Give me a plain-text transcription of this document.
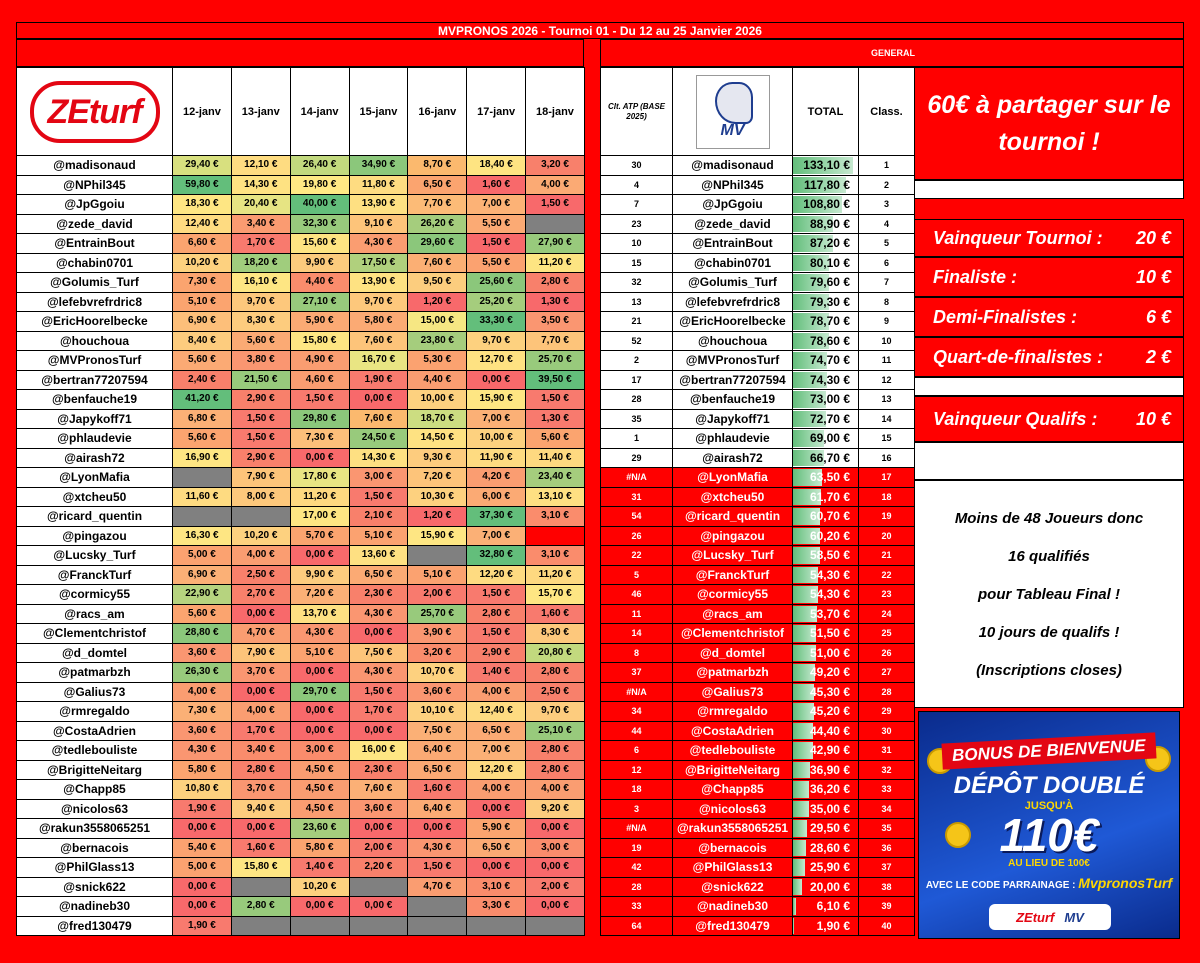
MVPRONOS 2026 - Tournoi 01 - Du 12 au 25 Janvier 2026
GENERAL
ZEturf	12-janv	13-janv	14-janv	15-janv	16-janv	17-janv	18-janv
@madisonaud	29,40 €	12,10 €	26,40 €	34,90 €	8,70 €	18,40 €	3,20 €
@NPhil345	59,80 €	14,30 €	19,80 €	11,80 €	6,50 €	1,60 €	4,00 €
@JpGgoiu	18,30 €	20,40 €	40,00 €	13,90 €	7,70 €	7,00 €	1,50 €
@zede_david	12,40 €	3,40 €	32,30 €	9,10 €	26,20 €	5,50 €	
@EntrainBout	6,60 €	1,70 €	15,60 €	4,30 €	29,60 €	1,50 €	27,90 €
@chabin0701	10,20 €	18,20 €	9,90 €	17,50 €	7,60 €	5,50 €	11,20 €
@Golumis_Turf	7,30 €	16,10 €	4,40 €	13,90 €	9,50 €	25,60 €	2,80 €
@lefebvrefrdric8	5,10 €	9,70 €	27,10 €	9,70 €	1,20 €	25,20 €	1,30 €
@EricHoorelbecke	6,90 €	8,30 €	5,90 €	5,80 €	15,00 €	33,30 €	3,50 €
@houchoua	8,40 €	5,60 €	15,80 €	7,60 €	23,80 €	9,70 €	7,70 €
@MVPronosTurf	5,60 €	3,80 €	4,90 €	16,70 €	5,30 €	12,70 €	25,70 €
@bertran77207594	2,40 €	21,50 €	4,60 €	1,90 €	4,40 €	0,00 €	39,50 €
@benfauche19	41,20 €	2,90 €	1,50 €	0,00 €	10,00 €	15,90 €	1,50 €
@Japykoff71	6,80 €	1,50 €	29,80 €	7,60 €	18,70 €	7,00 €	1,30 €
@phlaudevie	5,60 €	1,50 €	7,30 €	24,50 €	14,50 €	10,00 €	5,60 €
@airash72	16,90 €	2,90 €	0,00 €	14,30 €	9,30 €	11,90 €	11,40 €
@LyonMafia		7,90 €	17,80 €	3,00 €	7,20 €	4,20 €	23,40 €
@xtcheu50	11,60 €	8,00 €	11,20 €	1,50 €	10,30 €	6,00 €	13,10 €
@ricard_quentin			17,00 €	2,10 €	1,20 €	37,30 €	3,10 €
@pingazou	16,30 €	10,20 €	5,70 €	5,10 €	15,90 €	7,00 €	
@Lucsky_Turf	5,00 €	4,00 €	0,00 €	13,60 €		32,80 €	3,10 €
@FranckTurf	6,90 €	2,50 €	9,90 €	6,50 €	5,10 €	12,20 €	11,20 €
@cormicy55	22,90 €	2,70 €	7,20 €	2,30 €	2,00 €	1,50 €	15,70 €
@racs_am	5,60 €	0,00 €	13,70 €	4,30 €	25,70 €	2,80 €	1,60 €
@Clementchristof	28,80 €	4,70 €	4,30 €	0,00 €	3,90 €	1,50 €	8,30 €
@d_domtel	3,60 €	7,90 €	5,10 €	7,50 €	3,20 €	2,90 €	20,80 €
@patmarbzh	26,30 €	3,70 €	0,00 €	4,30 €	10,70 €	1,40 €	2,80 €
@Galius73	4,00 €	0,00 €	29,70 €	1,50 €	3,60 €	4,00 €	2,50 €
@rmregaldo	7,30 €	4,00 €	0,00 €	1,70 €	10,10 €	12,40 €	9,70 €
@CostaAdrien	3,60 €	1,70 €	0,00 €	0,00 €	7,50 €	6,50 €	25,10 €
@tedlebouliste	4,30 €	3,40 €	3,00 €	16,00 €	6,40 €	7,00 €	2,80 €
@BrigitteNeitarg	5,80 €	2,80 €	4,50 €	2,30 €	6,50 €	12,20 €	2,80 €
@Chapp85	10,80 €	3,70 €	4,50 €	7,60 €	1,60 €	4,00 €	4,00 €
@nicolos63	1,90 €	9,40 €	4,50 €	3,60 €	6,40 €	0,00 €	9,20 €
@rakun3558065251	0,00 €	0,00 €	23,60 €	0,00 €	0,00 €	5,90 €	0,00 €
@bernacois	5,40 €	1,60 €	5,80 €	2,00 €	4,30 €	6,50 €	3,00 €
@PhilGlass13	5,00 €	15,80 €	1,40 €	2,20 €	1,50 €	0,00 €	0,00 €
@snick622	0,00 €		10,20 €		4,70 €	3,10 €	2,00 €
@nadineb30	0,00 €	2,80 €	0,00 €	0,00 €		3,30 €	0,00 €
@fred130479	1,90 €						
Clt. ATP (BASE 2025)	MV	TOTAL	Class.
30	@madisonaud	133,10 €	1
4	@NPhil345	117,80 €	2
7	@JpGgoiu	108,80 €	3
23	@zede_david	88,90 €	4
10	@EntrainBout	87,20 €	5
15	@chabin0701	80,10 €	6
32	@Golumis_Turf	79,60 €	7
13	@lefebvrefrdric8	79,30 €	8
21	@EricHoorelbecke	78,70 €	9
52	@houchoua	78,60 €	10
2	@MVPronosTurf	74,70 €	11
17	@bertran77207594	74,30 €	12
28	@benfauche19	73,00 €	13
35	@Japykoff71	72,70 €	14
1	@phlaudevie	69,00 €	15
29	@airash72	66,70 €	16
#N/A	@LyonMafia	63,50 €	17
31	@xtcheu50	61,70 €	18
54	@ricard_quentin	60,70 €	19
26	@pingazou	60,20 €	20
22	@Lucsky_Turf	58,50 €	21
5	@FranckTurf	54,30 €	22
46	@cormicy55	54,30 €	23
11	@racs_am	53,70 €	24
14	@Clementchristof	51,50 €	25
8	@d_domtel	51,00 €	26
37	@patmarbzh	49,20 €	27
#N/A	@Galius73	45,30 €	28
34	@rmregaldo	45,20 €	29
44	@CostaAdrien	44,40 €	30
6	@tedlebouliste	42,90 €	31
12	@BrigitteNeitarg	36,90 €	32
18	@Chapp85	36,20 €	33
3	@nicolos63	35,00 €	34
#N/A	@rakun3558065251	29,50 €	35
19	@bernacois	28,60 €	36
42	@PhilGlass13	25,90 €	37
28	@snick622	20,00 €	38
33	@nadineb30	6,10 €	39
64	@fred130479	1,90 €	40
60€ à partager sur le tournoi !
Vainqueur Tournoi : 20 €
Finaliste :	10 €
Demi-Finalistes :	6 €
Quart-de-finalistes : 2 €
Vainqueur Qualifs : 10 €
Moins de 48 Joueurs donc
16 qualifiés
pour Tableau Final !
10 jours de qualifs !
(Inscriptions closes)
BONUS DE BIENVENUE
DÉPÔT DOUBLÉ
JUSQU'À
110€
AU LIEU DE 100€
AVEC LE CODE PARRAINAGE : MvpronosTurf
ZEturf MV
